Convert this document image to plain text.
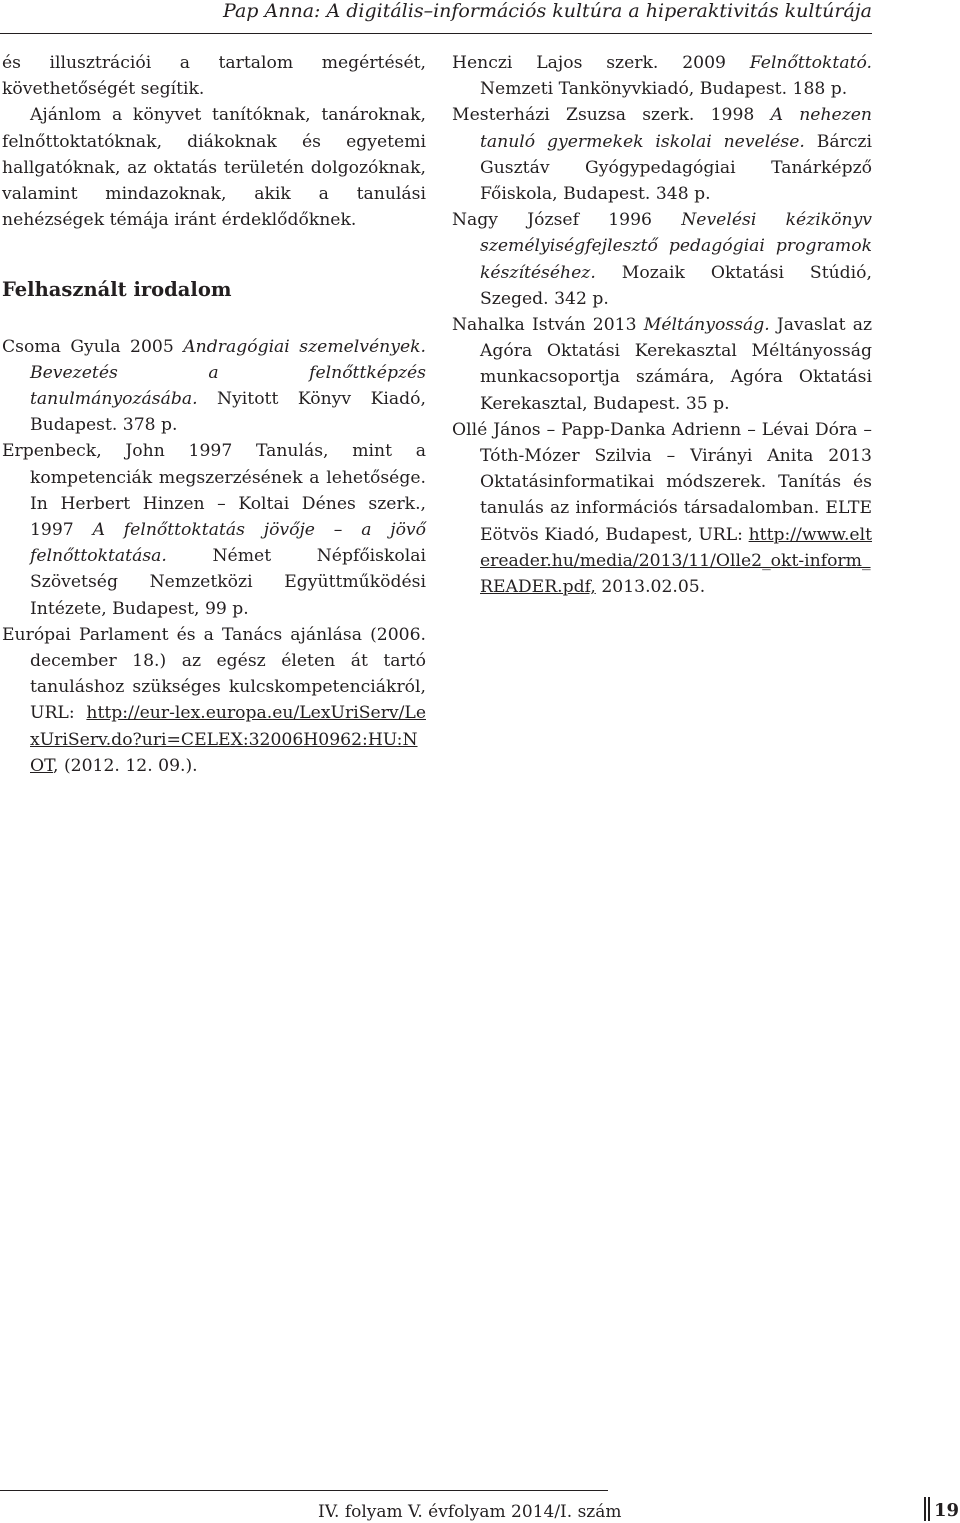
Pap Anna: A digitális–információs kultúra a hiperaktivitás kultúrája

és illusztrációi a tartalom megértését, követhetőségét segítik.

Ajánlom a könyvet tanítóknak, tanároknak, felnőttoktatóknak, diákoknak és egyetemi hallgatóknak, az oktatás területén dolgozóknak, valamint mindazoknak, akik a tanulási nehézségek témája iránt érdeklődőknek.

Felhasznált irodalom

Csoma Gyula 2005 Andragógiai szemelvények. Bevezetés a felnőttképzés tanulmányozásába. Nyitott Könyv Kiadó, Budapest. 378 p.

Erpenbeck, John 1997 Tanulás, mint a kompetenciák megszerzésének a lehetősége. In Herbert Hinzen – Koltai Dénes szerk., 1997 A felnőttoktatás jövője – a jövő felnőttoktatása. Német Népfőiskolai Szövetség Nemzetközi Együttműködési Intézete, Budapest, 99 p.

Európai Parlament és a Tanács ajánlása (2006. december 18.) az egész életen át tartó tanuláshoz szükséges kulcskompetenciákról, URL: http://eur-lex.europa.eu/LexUriServ/LexUriServ.do?uri=CELEX:32006H0962:HU:NOT, (2012. 12. 09.).

Henczi Lajos szerk. 2009 Felnőttoktató. Nemzeti Tankönyvkiadó, Budapest. 188 p.

Mesterházi Zsuzsa szerk. 1998 A nehezen tanuló gyermekek iskolai nevelése. Bárczi Gusztáv Gyógypedagógiai Tanárképző Főiskola, Budapest. 348 p.

Nagy József 1996 Nevelési kézikönyv személyiségfejlesztő pedagógiai programok készítéséhez. Mozaik Oktatási Stúdió, Szeged. 342 p.

Nahalka István 2013 Méltányosság. Javaslat az Agóra Oktatási Kerekasztal Méltányosság munkacsoportja számára, Agóra Oktatási Kerekasztal, Budapest. 35 p.

Ollé János – Papp-Danka Adrienn – Lévai Dóra – Tóth-Mózer Szilvia – Virányi Anita 2013 Oktatásinformatikai módszerek. Tanítás és tanulás az információs társadalomban. ELTE Eötvös Kiadó, Budapest, URL: http://www.eltereader.hu/media/2013/11/Olle2_okt-inform_READER.pdf, 2013.02.05.

IV. folyam V. évfolyam 2014/I. szám	19
